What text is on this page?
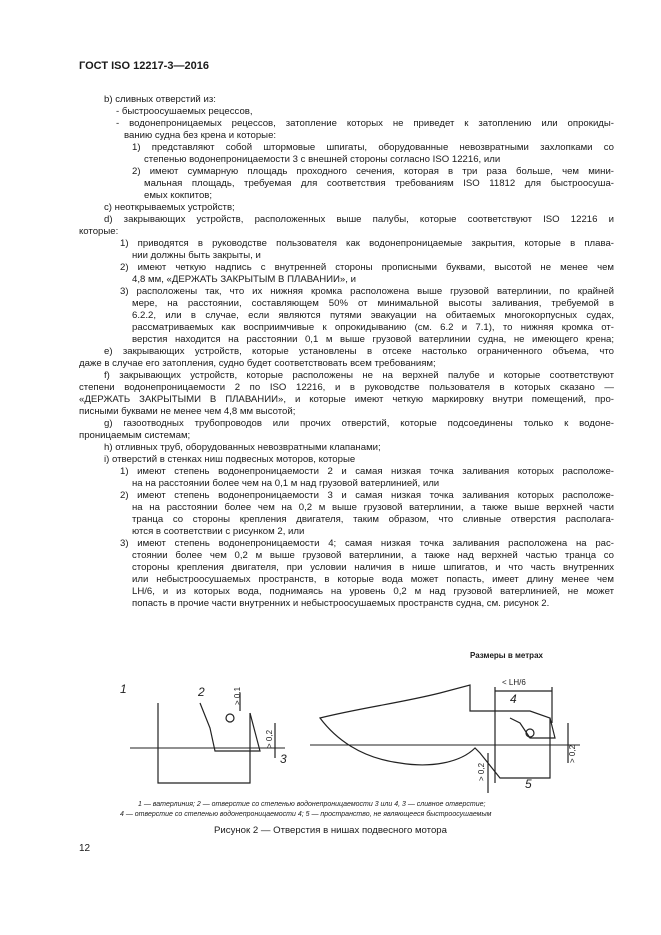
ГОСТ ISO 12217-3—2016
b) сливных отверстий из:
- быстроосушаемых рецессов,
- водонепроницаемых рецессов, затопление которых не приведет к затоплению или опрокиды-
ванию судна без крена и которые:
1) представляют собой штормовые шпигаты, оборудованные невозвратными захлопками со
степенью водонепроницаемости 3 с внешней стороны согласно ISO 12216, или
2) имеют суммарную площадь проходного сечения, которая в три раза больше, чем мини-
мальная площадь, требуемая для соответствия требованиям ISO 11812 для быстроосуша-
емых кокпитов;
c) неоткрываемых устройств;
d) закрывающих устройств, расположенных выше палубы, которые соответствуют ISO 12216 и
которые:
1) приводятся в руководстве пользователя как водонепроницаемые закрытия, которые в плава-
нии должны быть закрыты, и
2) имеют четкую надпись с внутренней стороны прописными буквами, высотой не менее чем
4,8 мм, «ДЕРЖАТЬ ЗАКРЫТЫМ В ПЛАВАНИИ», и
3) расположены так, что их нижняя кромка расположена выше грузовой ватерлинии, по крайней
мере, на расстоянии, составляющем 50% от минимальной высоты заливания, требуемой в
6.2.2, или в случае, если являются путями эвакуации на обитаемых многокорпусных судах,
рассматриваемых как восприимчивые к опрокидыванию (см. 6.2 и 7.1), то нижняя кромка от-
верстия находится на расстоянии 0,1 м выше грузовой ватерлинии судна, не имеющего крена;
e) закрывающих устройств, которые установлены в отсеке настолько ограниченного объема, что
даже в случае его затопления, судно будет соответствовать всем требованиям;
f) закрывающих устройств, которые расположены не на верхней палубе и которые соответствуют
степени водонепроницаемости 2 по ISO 12216, и в руководстве пользователя в которых сказано —
«ДЕРЖАТЬ ЗАКРЫТЫМИ В ПЛАВАНИИ», и которые имеют четкую маркировку внутри помещений, про-
писными буквами не менее чем 4,8 мм высотой;
g) газоотводных трубопроводов или прочих отверстий, которые подсоединены только к водоне-
проницаемым системам;
h) отливных труб, оборудованных невозвратными клапанами;
i) отверстий в стенках ниш подвесных моторов, которые
1) имеют степень водонепроницаемости 2 и самая низкая точка заливания которых расположе-
на на расстоянии более чем на 0,1 м над грузовой ватерлинией, или
2) имеют степень водонепроницаемости 3 и самая низкая точка заливания которых расположе-
на на расстоянии более чем на 0,2 м выше грузовой ватерлинии, а также выше верхней части
транца со стороны крепления двигателя, таким образом, что сливные отверстия располага-
ются в соответствии с рисунком 2, или
3) имеют степень водонепроницаемости 4; самая низкая точка заливания расположена на рас-
стоянии более чем 0,2 м выше грузовой ватерлинии, а также над верхней частью транца со
стороны крепления двигателя, при условии наличия в нише шпигатов, и что часть внутренних
или небыстроосушаемых пространств, в которые вода может попасть, имеет длину менее чем
LH/6, и из которых вода, поднимаясь на уровень 0,2 м над грузовой ватерлинией, не может
попасть в прочие части внутренних и небыстроосушаемых пространств судна, см. рисунок 2.
Размеры в метрах
1	2
3
> 0,1
> 0,2
4
5
< LH/6
> 0,2
> 0,2
1 — ватерлиния; 2 — отверстие со степенью водонепроницаемости 3 или 4, 3 — сливное отверстие;
4 — отверстие со степенью водонепроницаемости 4; 5 — пространство, не являющееся быстроосушаемым
Рисунок 2 — Отверстия в нишах подвесного мотора
12
